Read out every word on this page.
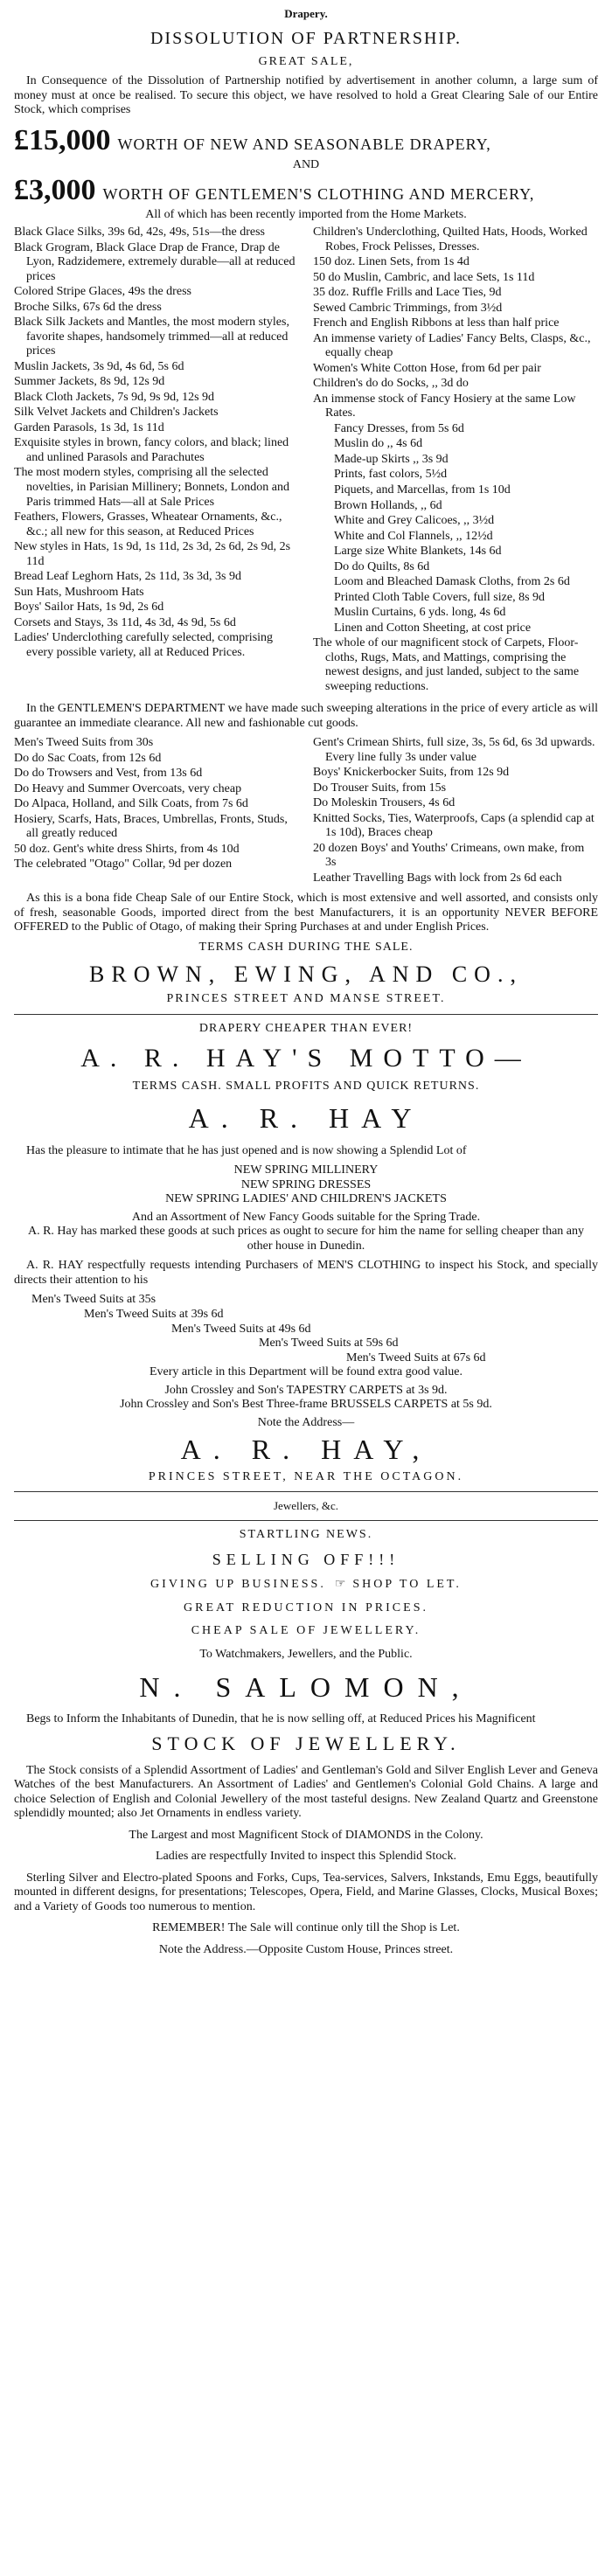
Drapery.
DISSOLUTION OF PARTNERSHIP.
GREAT SALE,
In Consequence of the Dissolution of Partnership notified by advertisement in another column, a large sum of money must at once be realised. To secure this object, we have resolved to hold a Great Clearing Sale of our Entire Stock, which comprises
£15,000 WORTH OF NEW AND SEASONABLE DRAPERY,
AND
£3,000 WORTH OF GENTLEMEN'S CLOTHING AND MERCERY,
All of which has been recently imported from the Home Markets.
Black Glace Silks, 39s 6d, 42s, 49s, 51s—the dress
Black Grogram, Black Glace Drap de France, Drap de Lyon, Radzidemere, extremely durable—all at reduced prices
Colored Stripe Glaces, 49s the dress
Broche Silks, 67s 6d the dress
Black Silk Jackets and Mantles, the most modern styles, favorite shapes, handsomely trimmed—all at reduced prices
Muslin Jackets, 3s 9d, 4s 6d, 5s 6d
Summer Jackets, 8s 9d, 12s 9d
Black Cloth Jackets, 7s 9d, 9s 9d, 12s 9d
Silk Velvet Jackets and Children's Jackets
Garden Parasols, 1s 3d, 1s 11d
Exquisite styles in brown, fancy colors, and black; lined and unlined Parasols and Parachutes
The most modern styles, comprising all the selected novelties, in Parisian Millinery; Bonnets, London and Paris trimmed Hats—all at Sale Prices
Feathers, Flowers, Grasses, Wheatear Ornaments, &c., &c.; all new for this season, at Reduced Prices
New styles in Hats, 1s 9d, 1s 11d, 2s 3d, 2s 6d, 2s 9d, 2s 11d
Bread Leaf Leghorn Hats, 2s 11d, 3s 3d, 3s 9d
Sun Hats, Mushroom Hats
Boys' Sailor Hats, 1s 9d, 2s 6d
Corsets and Stays, 3s 11d, 4s 3d, 4s 9d, 5s 6d
Ladies' Underclothing carefully selected, comprising every possible variety, all at Reduced Prices.
Children's Underclothing, Quilted Hats, Hoods, Worked Robes, Frock Pelisses, Dresses.
150 doz. Linen Sets, from 1s 4d
50 do Muslin, Cambric, and lace Sets, 1s 11d
35 doz. Ruffle Frills and Lace Ties, 9d
Sewed Cambric Trimmings, from 3½d
French and English Ribbons at less than half price
An immense variety of Ladies' Fancy Belts, Clasps, &c., equally cheap
Women's White Cotton Hose, from 6d per pair
Children's do do Socks, ,, 3d do
An immense stock of Fancy Hosiery at the same Low Rates.
Fancy Dresses, from 5s 6d
Muslin do ,, 4s 6d
Made-up Skirts ,, 3s 9d
Prints, fast colors, 5½d
Piquets, and Marcellas, from 1s 10d
Brown Hollands, ,, 6d
White and Grey Calicoes, ,, 3½d
White and Col Flannels, ,, 12½d
Large size White Blankets, 14s 6d
Do do Quilts, 8s 6d
Loom and Bleached Damask Cloths, from 2s 6d
Printed Cloth Table Covers, full size, 8s 9d
Muslin Curtains, 6 yds. long, 4s 6d
Linen and Cotton Sheeting, at cost price
The whole of our magnificent stock of Carpets, Floor-cloths, Rugs, Mats, and Mattings, comprising the newest designs, and just landed, subject to the same sweeping reductions.
In the GENTLEMEN'S DEPARTMENT we have made such sweeping alterations in the price of every article as will guarantee an immediate clearance. All new and fashionable cut goods.
Men's Tweed Suits from 30s
Do do Sac Coats, from 12s 6d
Do do Trowsers and Vest, from 13s 6d
Do Heavy and Summer Overcoats, very cheap
Do Alpaca, Holland, and Silk Coats, from 7s 6d
Hosiery, Scarfs, Hats, Braces, Umbrellas, Fronts, Studs, all greatly reduced
50 doz. Gent's white dress Shirts, from 4s 10d
The celebrated "Otago" Collar, 9d per dozen
Gent's Crimean Shirts, full size, 3s, 5s 6d, 6s 3d upwards. Every line fully 3s under value
Boys' Knickerbocker Suits, from 12s 9d
Do Trouser Suits, from 15s
Do Moleskin Trousers, 4s 6d
Knitted Socks, Ties, Waterproofs, Caps (a splendid cap at 1s 10d), Braces cheap
20 dozen Boys' and Youths' Crimeans, own make, from 3s
Leather Travelling Bags with lock from 2s 6d each
As this is a bona fide Cheap Sale of our Entire Stock, which is most extensive and well assorted, and consists only of fresh, seasonable Goods, imported direct from the best Manufacturers, it is an opportunity NEVER BEFORE OFFERED to the Public of Otago, of making their Spring Purchases at and under English Prices.
TERMS CASH DURING THE SALE.
BROWN, EWING, AND CO.,
PRINCES STREET AND MANSE STREET.
DRAPERY CHEAPER THAN EVER!
A. R. HAY'S MOTTO—
TERMS CASH. SMALL PROFITS AND QUICK RETURNS.
A. R. HAY
Has the pleasure to intimate that he has just opened and is now showing a Splendid Lot of
NEW SPRING MILLINERY
NEW SPRING DRESSES
NEW SPRING LADIES' AND CHILDREN'S JACKETS
And an Assortment of New Fancy Goods suitable for the Spring Trade.
A. R. Hay has marked these goods at such prices as ought to secure for him the name for selling cheaper than any other house in Dunedin.
A. R. HAY respectfully requests intending Purchasers of MEN'S CLOTHING to inspect his Stock, and specially directs their attention to his
Men's Tweed Suits at 35s
Men's Tweed Suits at 39s 6d
Men's Tweed Suits at 49s 6d
Men's Tweed Suits at 59s 6d
Men's Tweed Suits at 67s 6d
Every article in this Department will be found extra good value.
John Crossley and Son's TAPESTRY CARPETS at 3s 9d.
John Crossley and Son's Best Three-frame BRUSSELS CARPETS at 5s 9d.
Note the Address—
A. R. HAY,
PRINCES STREET, NEAR THE OCTAGON.
Jewellers, &c.
STARTLING NEWS.
SELLING OFF!!!
GIVING UP BUSINESS. ☞ SHOP TO LET.
GREAT REDUCTION IN PRICES.
CHEAP SALE OF JEWELLERY.
To Watchmakers, Jewellers, and the Public.
N. SALOMON,
Begs to Inform the Inhabitants of Dunedin, that he is now selling off, at Reduced Prices his Magnificent
STOCK OF JEWELLERY.
The Stock consists of a Splendid Assortment of Ladies' and Gentleman's Gold and Silver English Lever and Geneva Watches of the best Manufacturers. An Assortment of Ladies' and Gentlemen's Colonial Gold Chains. A large and choice Selection of English and Colonial Jewellery of the most tasteful designs. New Zealand Quartz and Greenstone splendidly mounted; also Jet Ornaments in endless variety.
The Largest and most Magnificent Stock of DIAMONDS in the Colony.
Ladies are respectfully Invited to inspect this Splendid Stock.
Sterling Silver and Electro-plated Spoons and Forks, Cups, Tea-services, Salvers, Inkstands, Emu Eggs, beautifully mounted in different designs, for presentations; Telescopes, Opera, Field, and Marine Glasses, Clocks, Musical Boxes; and a Variety of Goods too numerous to mention.
REMEMBER! The Sale will continue only till the Shop is Let.
Note the Address.—Opposite Custom House, Princes street.
